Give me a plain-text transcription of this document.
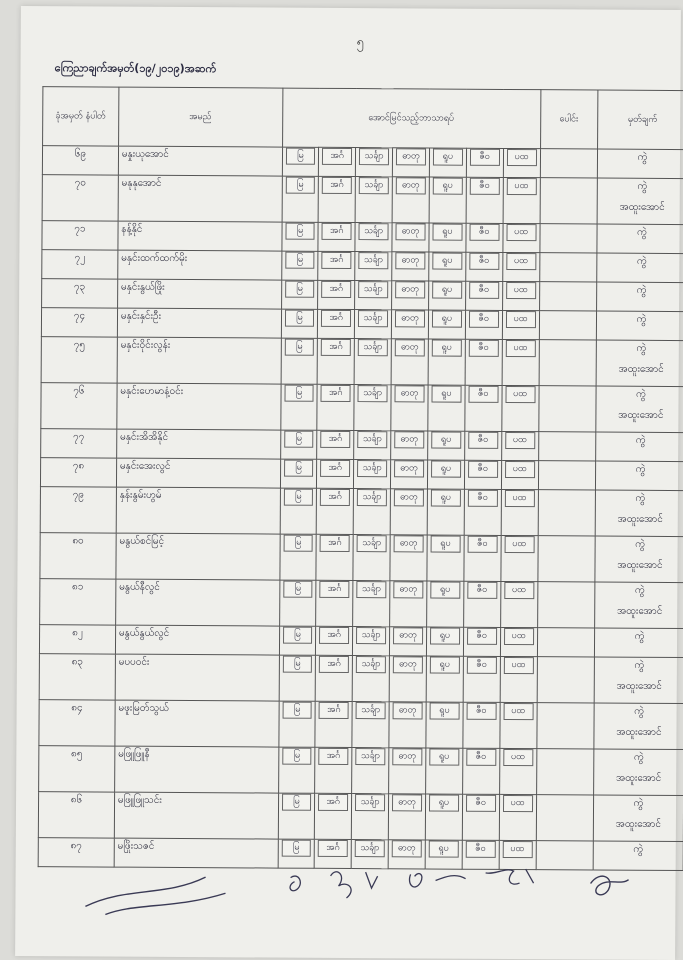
၅
ကြေညာချက်အမှတ်(၁၉/၂၀၁၉)အဆက်
ခုံအမှတ် နံပါတ်	အမည်	အောင်မြင်သည့်ဘာသာရပ်							ပေါင်း	မှတ်ချက်
၆၉	မနှုးယုအောင်	မြ	အင်္ဂ	သင်္ချာ	ဓာတု	ရူပ	ဇီဝ	ပထ		ကွဲ

၇၀	မနုနုအောင်	မြ	အင်္ဂ	သင်္ချာ	ဓာတု	ရူပ	ဇီဝ	ပထ		ကွဲ
အထူးအောင်

၇၁	နန့်နိုင်	မြ	အင်္ဂ	သင်္ချာ	ဓာတု	ရူပ	ဇီဝ	ပထ		ကွဲ

၇၂	မနှင်းထက်ထက်မိုး	မြ	အင်္ဂ	သင်္ချာ	ဓာတု	ရူပ	ဇီဝ	ပထ		ကွဲ

၇၃	မနှင်းနွယ်ဖြိုး	မြ	အင်္ဂ	သင်္ချာ	ဓာတု	ရူပ	ဇီဝ	ပထ		ကွဲ

၇၄	မနှင်းနှင်းဦး	မြ	အင်္ဂ	သင်္ချာ	ဓာတု	ရူပ	ဇီဝ	ပထ		ကွဲ

၇၅	မနှင်းဝိုင်းလွန်း	မြ	အင်္ဂ	သင်္ချာ	ဓာတု	ရူပ	ဇီဝ	ပထ		ကွဲ
အထူးအောင်

၇၆	မနှင်းဟေမာနံ့ဝင်း	မြ	အင်္ဂ	သင်္ချာ	ဓာတု	ရူပ	ဇီဝ	ပထ		ကွဲ
အထူးအောင်

၇၇	မနှင်းအိအိနိုင်	မြ	အင်္ဂ	သင်္ချာ	ဓာတု	ရူပ	ဇီဝ	ပထ		ကွဲ

၇၈	မနှင်းအေးလွင်	မြ	အင်္ဂ	သင်္ချာ	ဓာတု	ရူပ	ဇီဝ	ပထ		ကွဲ

၇၉	နှန်းနွမ်းဟွမ်	မြ	အင်္ဂ	သင်္ချာ	ဓာတု	ရူပ	ဇီဝ	ပထ		ကွဲ
အထူးအောင်

၈၀	မနွယ်စင်မြင့်	မြ	အင်္ဂ	သင်္ချာ	ဓာတု	ရူပ	ဇီဝ	ပထ		ကွဲ
အထူးအောင်

၈၁	မနွယ်နီလွင်	မြ	အင်္ဂ	သင်္ချာ	ဓာတု	ရူပ	ဇီဝ	ပထ		ကွဲ
အထူးအောင်

၈၂	မနွယ်နွယ်လွင်	မြ	အင်္ဂ	သင်္ချာ	ဓာတု	ရူပ	ဇီဝ	ပထ		ကွဲ

၈၃	မပပဝင်း	မြ	အင်္ဂ	သင်္ချာ	ဓာတု	ရူပ	ဇီဝ	ပထ		ကွဲ
အထူးအောင်

၈၄	မဖူးမြတ်သွယ်	မြ	အင်္ဂ	သင်္ချာ	ဓာတု	ရူပ	ဇီဝ	ပထ		ကွဲ
အထူးအောင်

၈၅	မဖြူဖြူနီ	မြ	အင်္ဂ	သင်္ချာ	ဓာတု	ရူပ	ဇီဝ	ပထ		ကွဲ
အထူးအောင်

၈၆	မဖြူဖြူသင်း	မြ	အင်္ဂ	သင်္ချာ	ဓာတု	ရူပ	ဇီဝ	ပထ		ကွဲ
အထူးအောင်

၈၇	မဖြိုးသဇင်	မြ	အင်္ဂ	သင်္ချာ	ဓာတု	ရူပ	ဇီဝ	ပထ		ကွဲ
